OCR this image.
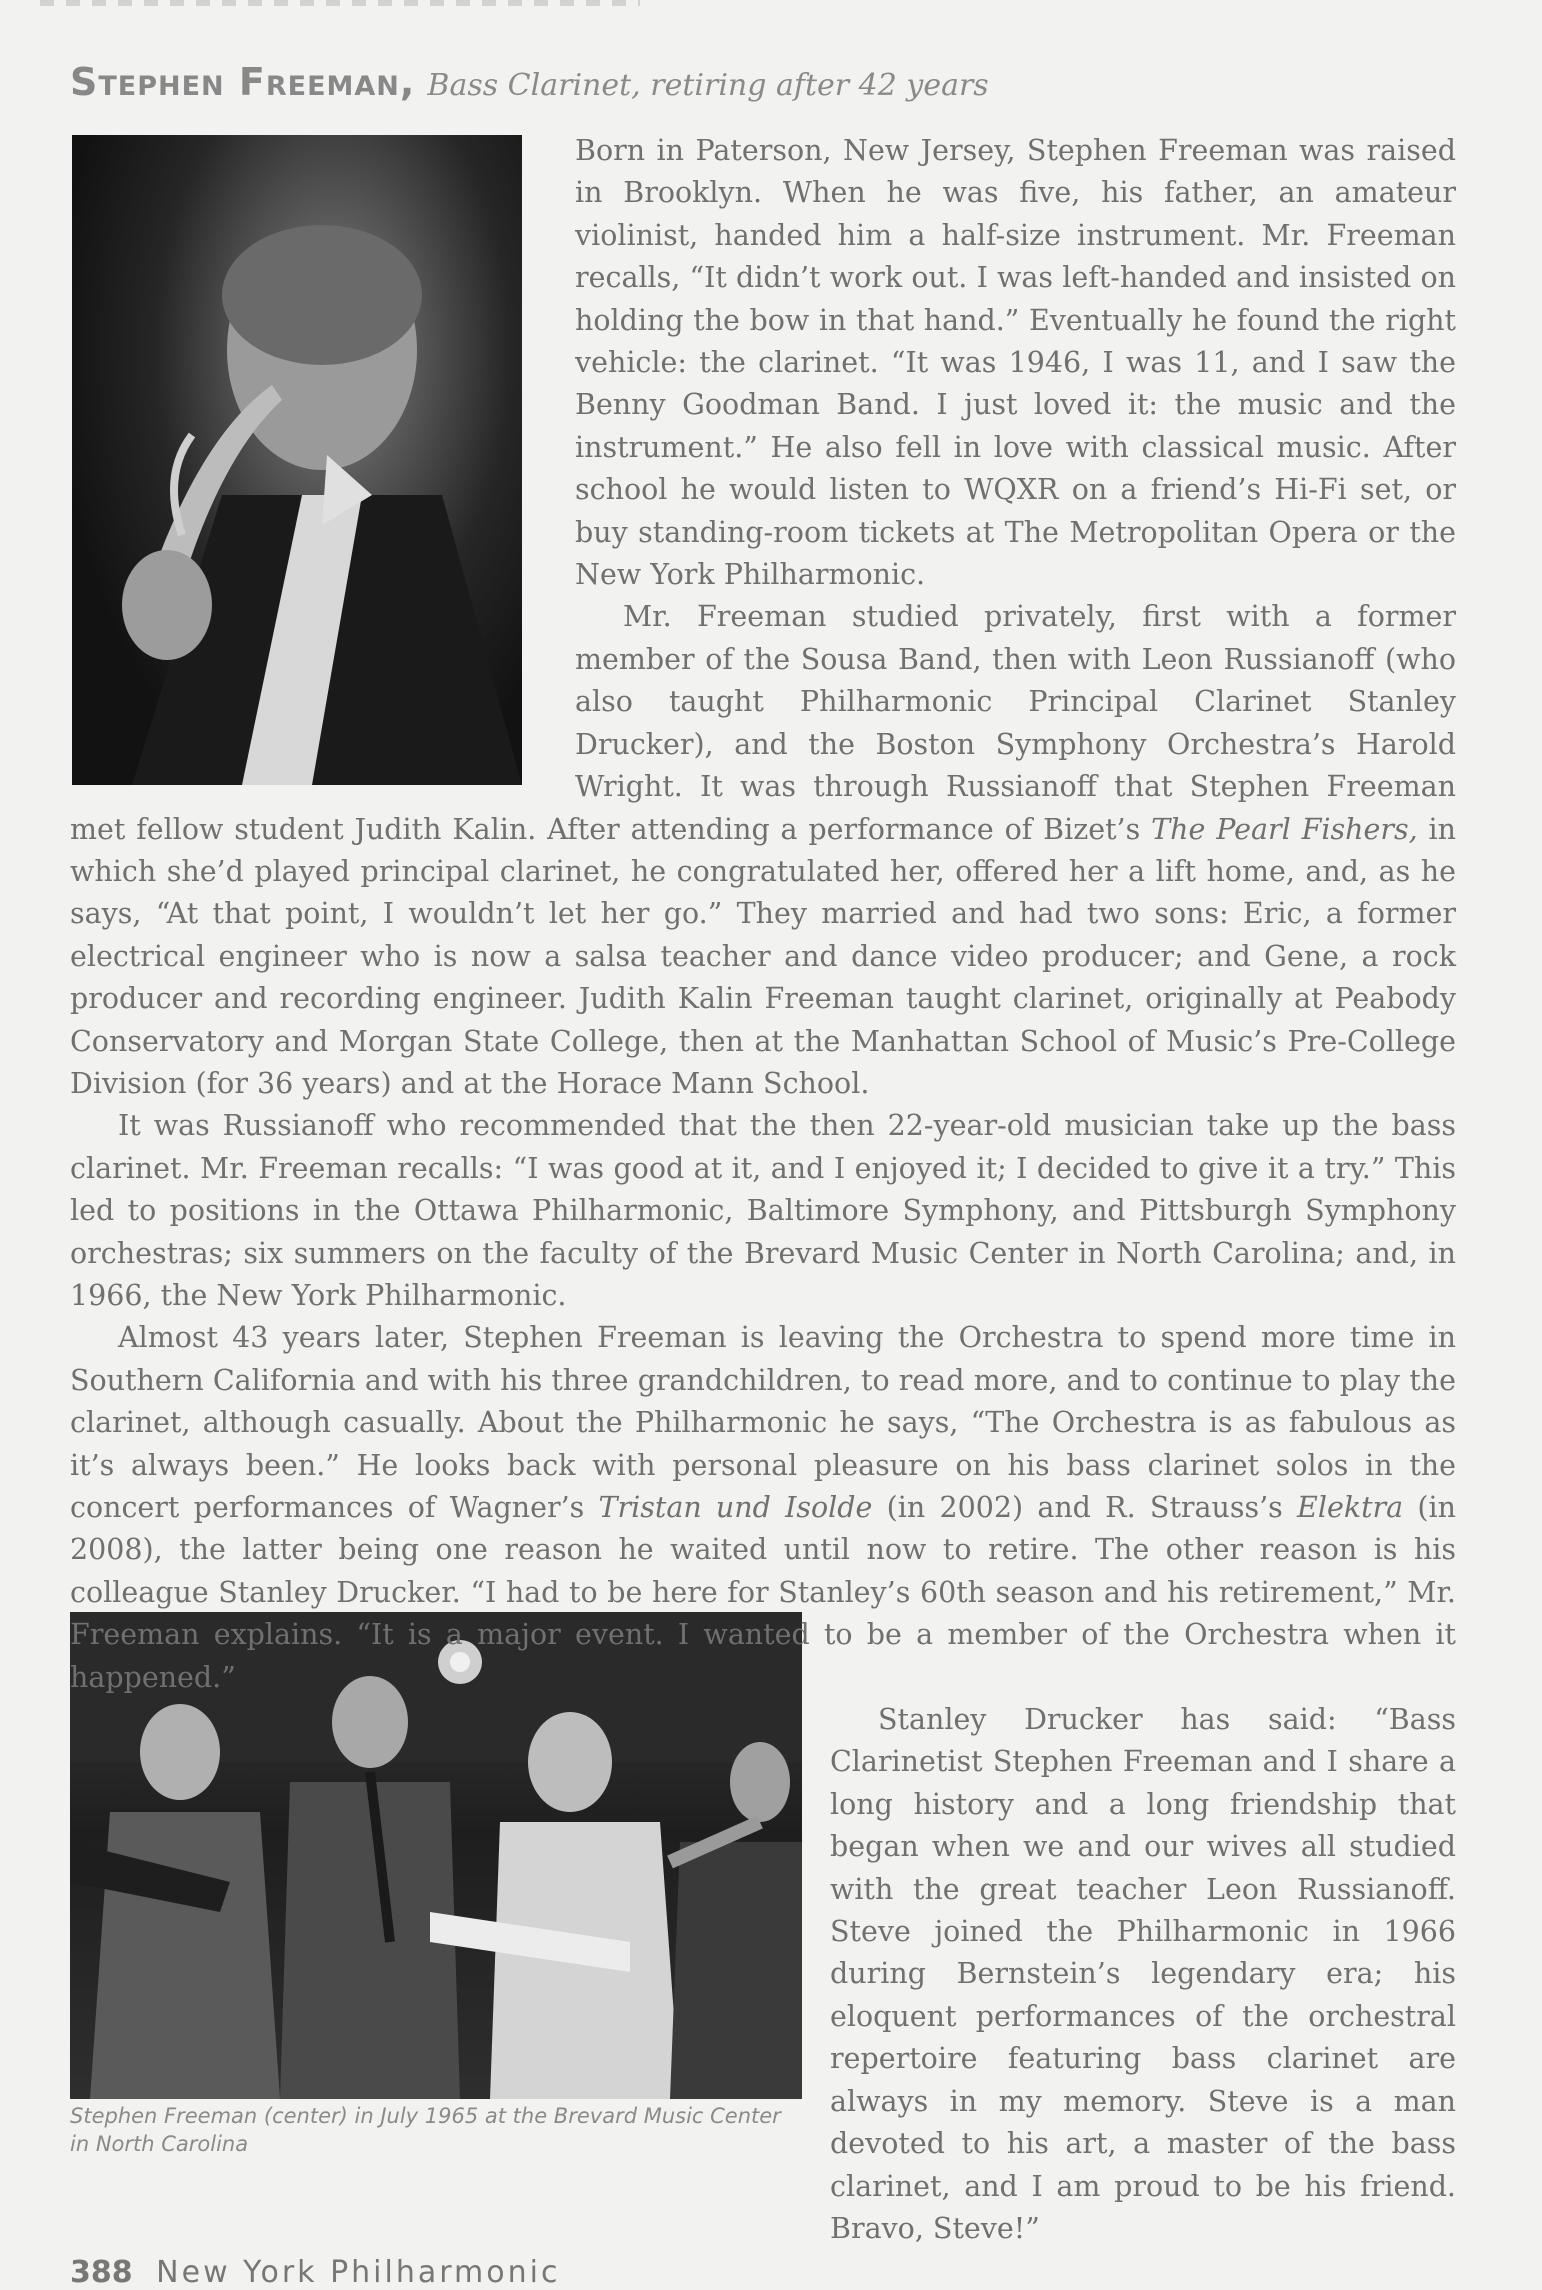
Stephen Freeman, Bass Clarinet, retiring after 42 years

Born in Paterson, New Jersey, Stephen Freeman was raised in Brooklyn. When he was five, his father, an amateur violinist, handed him a half-size instrument. Mr. Freeman recalls, “It didn’t work out. I was left-handed and insisted on holding the bow in that hand.” Eventually he found the right vehicle: the clarinet. “It was 1946, I was 11, and I saw the Benny Goodman Band. I just loved it: the music and the instrument.” He also fell in love with classical music. After school he would listen to WQXR on a friend’s Hi-Fi set, or buy standing-room tickets at The Metropolitan Opera or the New York Philharmonic.

Mr. Freeman studied privately, first with a former member of the Sousa Band, then with Leon Russianoff (who also taught Philharmonic Principal Clarinet Stanley Drucker), and the Boston Symphony Orchestra’s Harold Wright. It was through Russianoff that Stephen Freeman met fellow student Judith Kalin. After attending a performance of Bizet’s The Pearl Fishers, in which she’d played principal clarinet, he congratulated her, offered her a lift home, and, as he says, “At that point, I wouldn’t let her go.” They married and had two sons: Eric, a former electrical engineer who is now a salsa teacher and dance video producer; and Gene, a rock producer and recording engineer. Judith Kalin Freeman taught clarinet, originally at Peabody Conservatory and Morgan State College, then at the Manhattan School of Music’s Pre-College Division (for 36 years) and at the Horace Mann School.

It was Russianoff who recommended that the then 22-year-old musician take up the bass clarinet. Mr. Freeman recalls: “I was good at it, and I enjoyed it; I decided to give it a try.” This led to positions in the Ottawa Philharmonic, Baltimore Symphony, and Pittsburgh Symphony orchestras; six summers on the faculty of the Brevard Music Center in North Carolina; and, in 1966, the New York Philharmonic.

Almost 43 years later, Stephen Freeman is leaving the Orchestra to spend more time in Southern California and with his three grandchildren, to read more, and to continue to play the clarinet, although casually. About the Philharmonic he says, “The Orchestra is as fabulous as it’s always been.” He looks back with personal pleasure on his bass clarinet solos in the concert performances of Wagner’s Tristan und Isolde (in 2002) and R. Strauss’s Elektra (in 2008), the latter being one reason he waited until now to retire. The other reason is his colleague Stanley Drucker. “I had to be here for Stanley’s 60th season and his retirement,” Mr. Freeman explains. “It is a major event. I wanted to be a member of the Orchestra when it happened.”

Stanley Drucker has said: “Bass Clarinetist Stephen Freeman and I share a long history and a long friendship that began when we and our wives all studied with the great teacher Leon Russianoff. Steve joined the Philharmonic in 1966 during Bernstein’s legendary era; his eloquent performances of the orchestral repertoire featuring bass clarinet are always in my memory. Steve is a man devoted to his art, a master of the bass clarinet, and I am proud to be his friend. Bravo, Steve!”

Stephen Freeman (center) in July 1965 at the Brevard Music Center in North Carolina
388 New York Philharmonic
